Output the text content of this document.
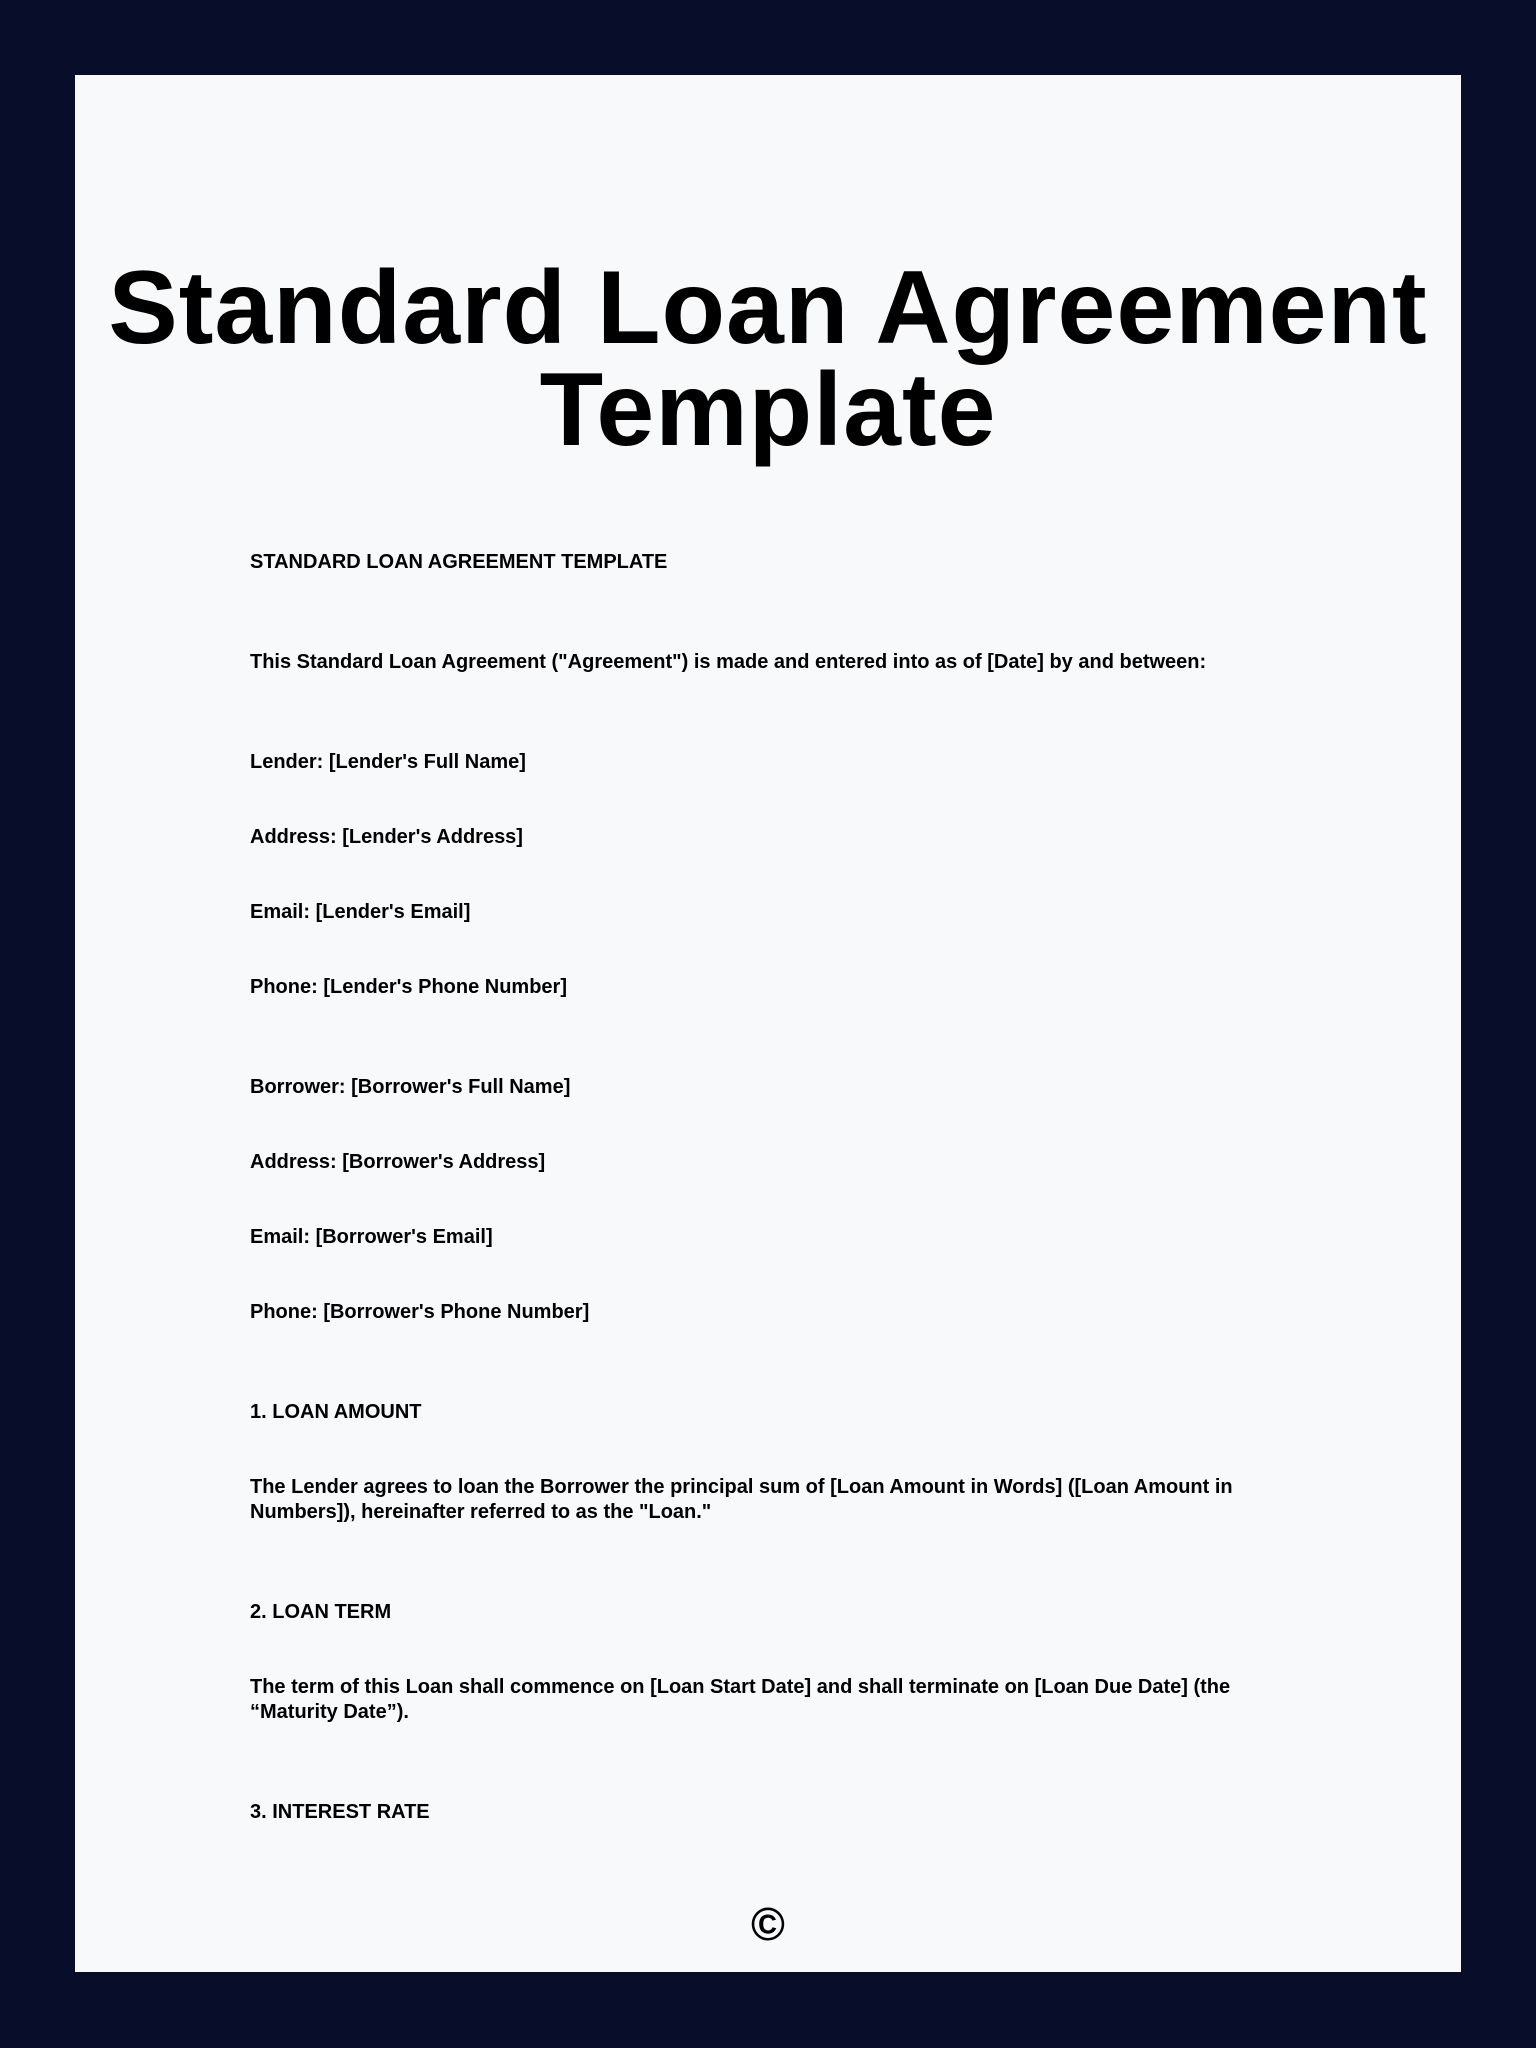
Standard Loan Agreement Template
STANDARD LOAN AGREEMENT TEMPLATE
This Standard Loan Agreement ("Agreement") is made and entered into as of [Date] by and between:
Lender: [Lender's Full Name]
Address: [Lender's Address]
Email: [Lender's Email]
Phone: [Lender's Phone Number]
Borrower: [Borrower's Full Name]
Address: [Borrower's Address]
Email: [Borrower's Email]
Phone: [Borrower's Phone Number]
1. LOAN AMOUNT
The Lender agrees to loan the Borrower the principal sum of [Loan Amount in Words] ([Loan Amount in Numbers]), hereinafter referred to as the "Loan."
2. LOAN TERM
The term of this Loan shall commence on [Loan Start Date] and shall terminate on [Loan Due Date] (the “Maturity Date”).
3. INTEREST RATE
©
